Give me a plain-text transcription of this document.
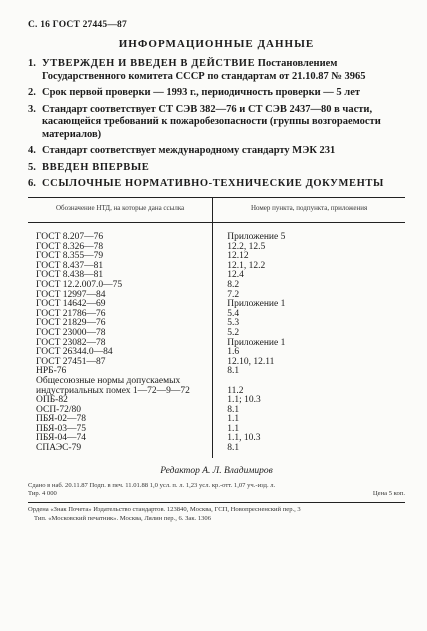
С. 16 ГОСТ 27445—87
ИНФОРМАЦИОННЫЕ ДАННЫЕ
1. УТВЕРЖДЕН И ВВЕДЕН В ДЕЙСТВИЕ Постановлением Государственного комитета СССР по стандартам от 21.10.87 № 3965
2. Срок первой проверки — 1993 г., периодичность проверки — 5 лет
3. Стандарт соответствует СТ СЭВ 382—76 и СТ СЭВ 2437—80 в части, касающейся требований к пожаробезопасности (группы возгораемости материалов)
4. Стандарт соответствует международному стандарту МЭК 231
5. ВВЕДЕН ВПЕРВЫЕ
6. ССЫЛОЧНЫЕ НОРМАТИВНО-ТЕХНИЧЕСКИЕ ДОКУМЕНТЫ
Обозначение НТД, на которые дана ссылка	Номер пункта, подпункта, приложения
ГОСТ 8.207—76	Приложение 5
ГОСТ 8.326—78	12.2, 12.5
ГОСТ 8.355—79	12.12
ГОСТ 8.437—81	12.1, 12.2
ГОСТ 8.438—81	12.4
ГОСТ 12.2.007.0—75	8.2
ГОСТ 12997—84	7.2
ГОСТ 14642—69	Приложение 1
ГОСТ 21786—76	5.4
ГОСТ 21829—76	5.3
ГОСТ 23000—78	5.2
ГОСТ 23082—78	Приложение 1
ГОСТ 26344.0—84	1.6
ГОСТ 27451—87	12.10, 12.11
НРБ-76	8.1
Общесоюзные нормы допускаемых индустриальных помех 1—72—9—72	11.2
ОПБ-82	1.1; 10.3
ОСП-72/80	8.1
ПБЯ-02—78	1.1
ПБЯ-03—75	1.1
ПБЯ-04—74	1.1, 10.3
СПАЭС-79	8.1
Редактор А. Л. Владимиров
Сдано в наб. 20.11.87 Подп. в печ. 11.01.88 1,0 усл. п. л. 1,23 усл. кр.-отт. 1,07 уч.-изд. л.
Тир. 4 000	Цена 5 коп.
Ордена «Знак Почета» Издательство стандартов. 123840, Москва, ГСП, Новопресненский пер., 3
Тип. «Московский печатник». Москва, Лялин пер., 6. Зак. 1306
